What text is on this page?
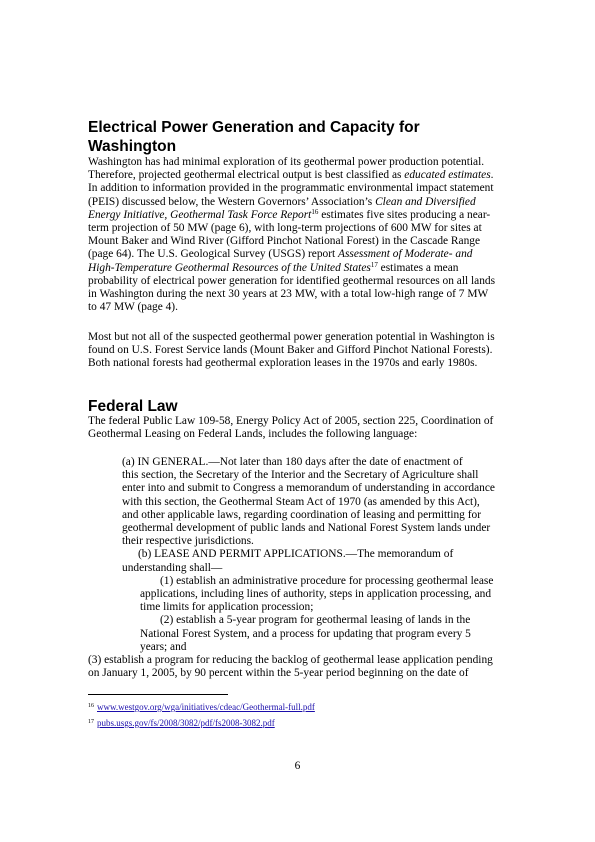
Electrical Power Generation and Capacity for
Washington
Washington has had minimal exploration of its geothermal power production potential.
Therefore, projected geothermal electrical output is best classified as educated estimates.
In addition to information provided in the programmatic environmental impact statement
(PEIS) discussed below, the Western Governors’ Association’s Clean and Diversified
Energy Initiative, Geothermal Task Force Report$^{16}$ estimates five sites producing a near-
term projection of 50 MW (page 6), with long-term projections of 600 MW for sites at
Mount Baker and Wind River (Gifford Pinchot National Forest) in the Cascade Range
(page 64). The U.S. Geological Survey (USGS) report Assessment of Moderate- and
High-Temperature Geothermal Resources of the United States$^{17}$ estimates a mean
probability of electrical power generation for identified geothermal resources on all lands
in Washington during the next 30 years at 23 MW, with a total low-high range of 7 MW
to 47 MW (page 4).
Most but not all of the suspected geothermal power generation potential in Washington is
found on U.S. Forest Service lands (Mount Baker and Gifford Pinchot National Forests).
Both national forests had geothermal exploration leases in the 1970s and early 1980s.
Federal Law
The federal Public Law 109-58, Energy Policy Act of 2005, section 225, Coordination of
Geothermal Leasing on Federal Lands, includes the following language:
(a) IN GENERAL.—Not later than 180 days after the date of enactment of
this section, the Secretary of the Interior and the Secretary of Agriculture shall
enter into and submit to Congress a memorandum of understanding in accordance
with this section, the Geothermal Steam Act of 1970 (as amended by this Act),
and other applicable laws, regarding coordination of leasing and permitting for
geothermal development of public lands and National Forest System lands under
their respective jurisdictions.
(b) LEASE AND PERMIT APPLICATIONS.—The memorandum of
understanding shall—
(1) establish an administrative procedure for processing geothermal lease
applications, including lines of authority, steps in application processing, and
time limits for application procession;
(2) establish a 5-year program for geothermal leasing of lands in the
National Forest System, and a process for updating that program every 5
years; and
(3) establish a program for reducing the backlog of geothermal lease application pending
on January 1, 2005, by 90 percent within the 5-year period beginning on the date of
$^{16}$ www.westgov.org/wga/initiatives/cdeac/Geothermal-full.pdf
$^{17}$ pubs.usgs.gov/fs/2008/3082/pdf/fs2008-3082.pdf
6
